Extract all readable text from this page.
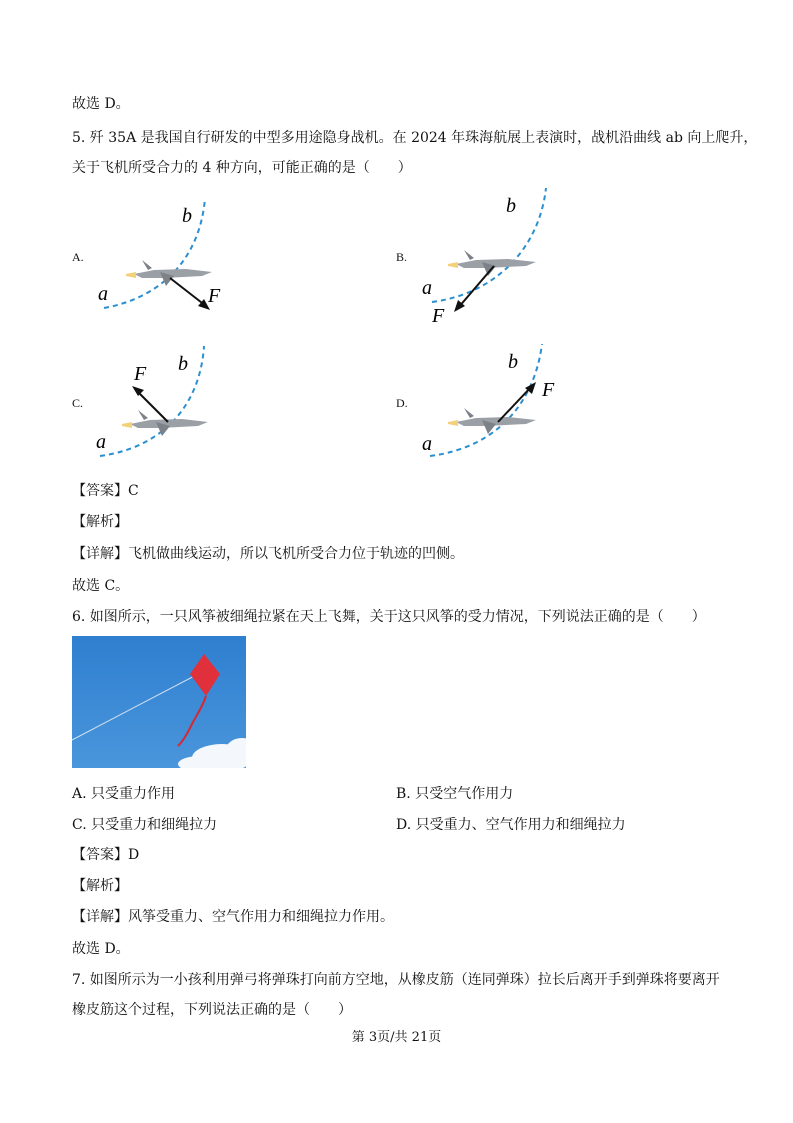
故选 D。
5. 歼 35A 是我国自行研发的中型多用途隐身战机。在 2024 年珠海航展上表演时，战机沿曲线 ab 向上爬升，
关于飞机所受合力的 4 种方向，可能正确的是（　　）
A.
a
b
F
B.
a
b
F
C.
a
b
F
D.
a
b
F
【答案】C
【解析】
【详解】飞机做曲线运动，所以飞机所受合力位于轨迹的凹侧。
故选 C。
6. 如图所示，一只风筝被细绳拉紧在天上飞舞，关于这只风筝的受力情况，下列说法正确的是（　　）
A. 只受重力作用	B. 只受空气作用力
C. 只受重力和细绳拉力	D. 只受重力、空气作用力和细绳拉力
【答案】D
【解析】
【详解】风筝受重力、空气作用力和细绳拉力作用。
故选 D。
7. 如图所示为一小孩利用弹弓将弹珠打向前方空地，从橡皮筋（连同弹珠）拉长后离开手到弹珠将要离开
橡皮筋这个过程，下列说法正确的是（　　）
第 3页/共 21页
